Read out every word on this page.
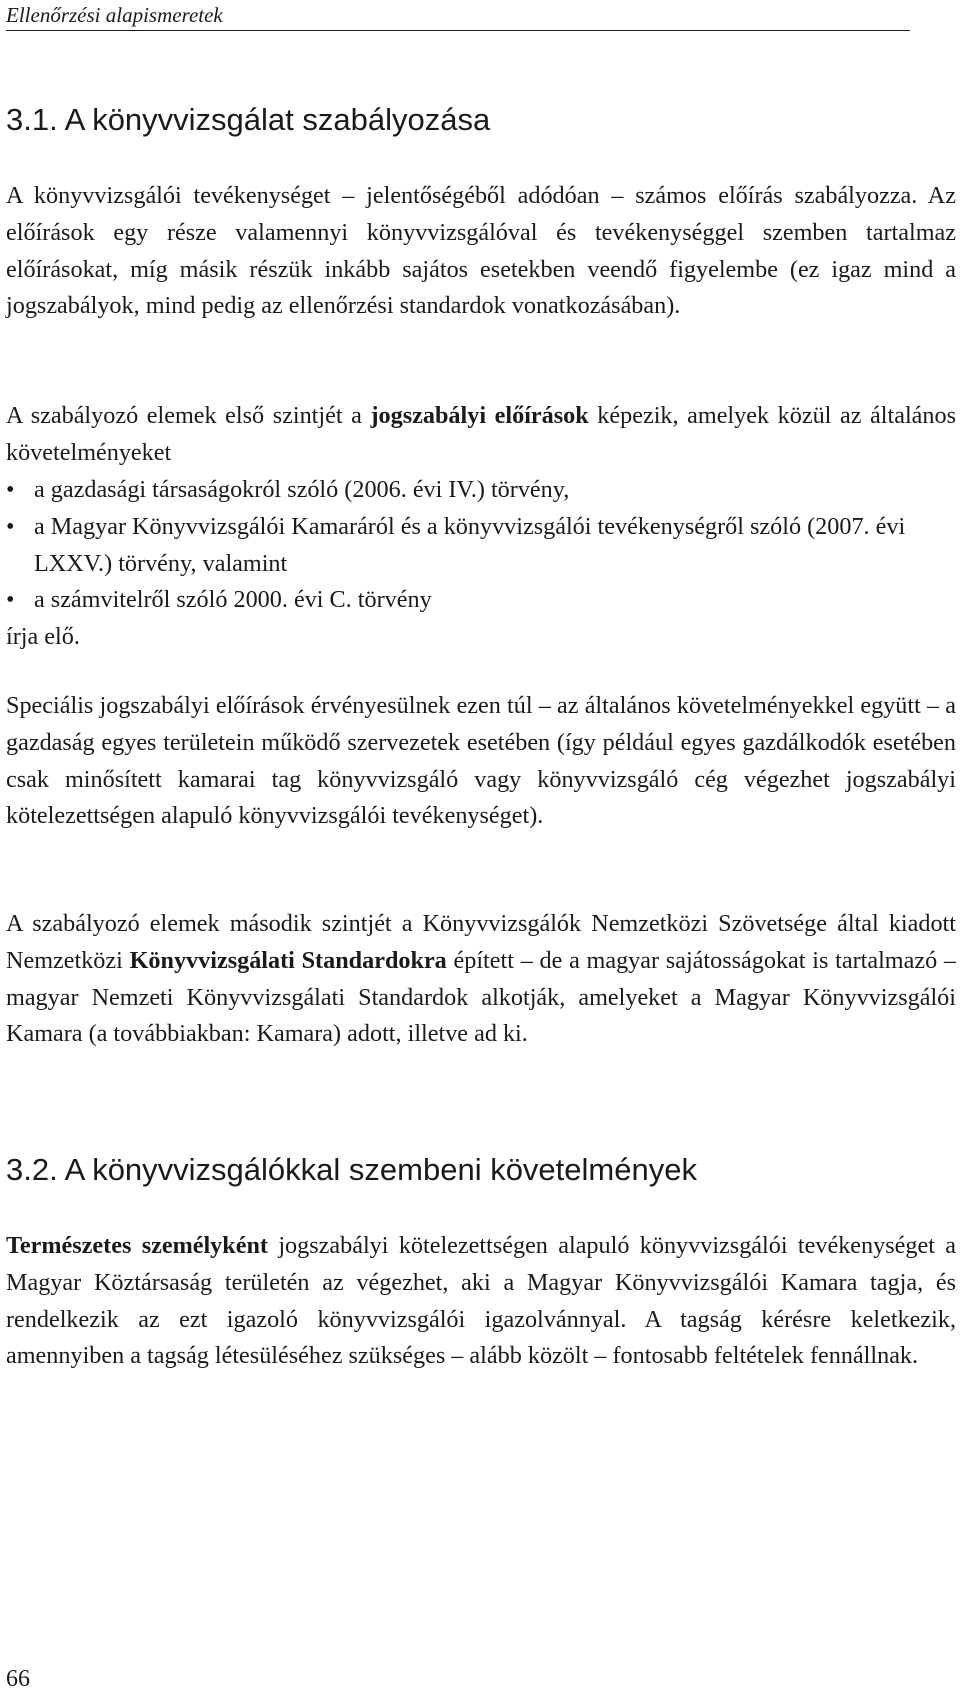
Ellenőrzési alapismeretek
3.1. A könyvvizsgálat szabályozása

A könyvvizsgálói tevékenységet – jelentőségéből adódóan – számos előírás szabályozza. Az előírások egy része valamennyi könyvvizsgálóval és tevékenységgel szemben tartalmaz előírásokat, míg másik részük inkább sajátos esetekben veendő figyelembe (ez igaz mind a jogszabályok, mind pedig az ellenőrzési standardok vonatkozásában).

A szabályozó elemek első szintjét a jogszabályi előírások képezik, amelyek közül az általános követelményeket

• a gazdasági társaságokról szóló (2006. évi IV.) törvény,
• a Magyar Könyvvizsgálói Kamaráról és a könyvvizsgálói tevékenységről szóló (2007. évi LXXV.) törvény, valamint
• a számvitelről szóló 2000. évi C. törvény

írja elő.

Speciális jogszabályi előírások érvényesülnek ezen túl – az általános követelményekkel együtt – a gazdaság egyes területein működő szervezetek esetében (így például egyes gazdálkodók esetében csak minősített kamarai tag könyvvizsgáló vagy könyvvizsgáló cég végezhet jogszabályi kötelezettségen alapuló könyvvizsgálói tevékenységet).

A szabályozó elemek második szintjét a Könyvvizsgálók Nemzetközi Szövetsége által kiadott Nemzetközi Könyvvizsgálati Standardokra épített – de a magyar sajátosságokat is tartalmazó – magyar Nemzeti Könyvvizsgálati Standardok alkotják, amelyeket a Magyar Könyvvizsgálói Kamara (a továbbiakban: Kamara) adott, illetve ad ki.

3.2. A könyvvizsgálókkal szembeni követelmények

Természetes személyként jogszabályi kötelezettségen alapuló könyvvizsgálói tevékenységet a Magyar Köztársaság területén az végezhet, aki a Magyar Könyvvizsgálói Kamara tagja, és rendelkezik az ezt igazoló könyvvizsgálói igazolvánnyal. A tagság kérésre keletkezik, amennyiben a tagság létesüléséhez szükséges – alább közölt – fontosabb feltételek fennállnak.

66
